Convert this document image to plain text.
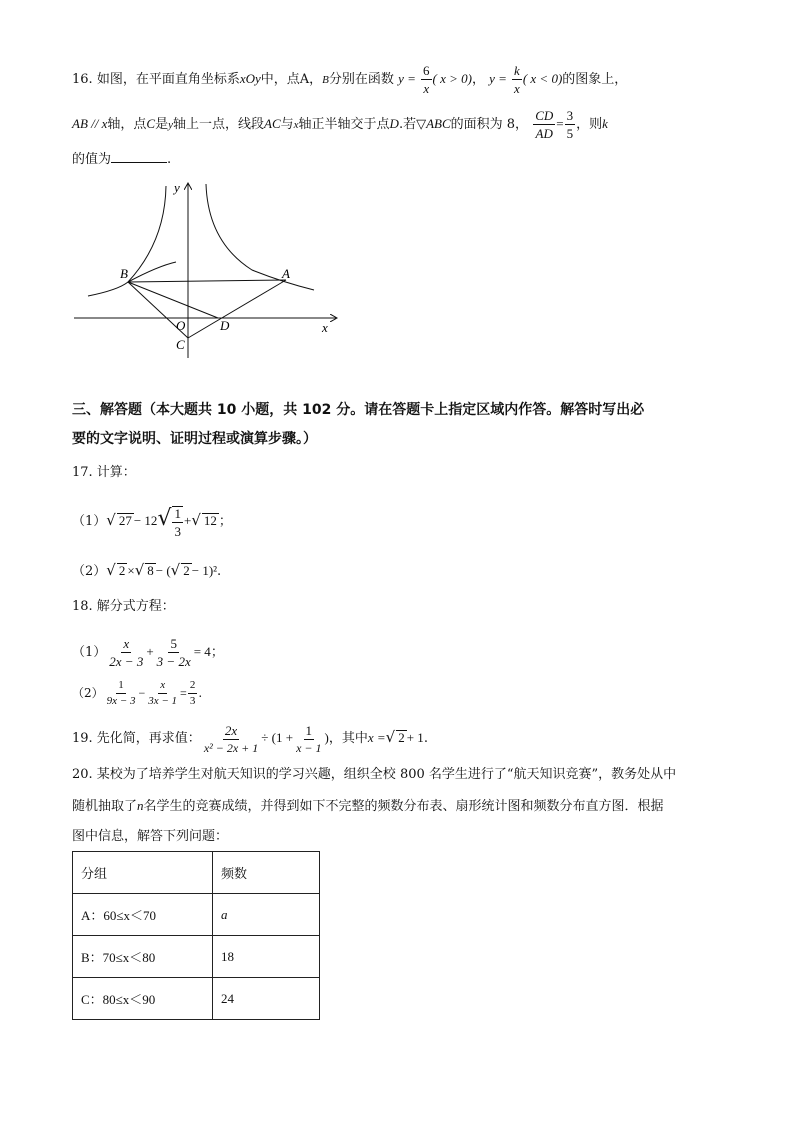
16. 如图，在平面直角坐标系xOy中，点A，B分别在函数 $y = \frac{6}{x}$ ( x > 0)， $y = \frac{k}{x}$ ( x < 0)的图象上，
AB // x轴，点C是y轴上一点，线段AC与x轴正半轴交于点D.若▽ABC的面积为 8， $\frac{CD}{AD} = \frac{3}{5}$ ，则k
的值为	.
y
x
B	A
O	D
C
三、解答题（本大题共 10 小题，共 102 分。请在答题卡上指定区域内作答。解答时写出必
要的文字说明、证明过程或演算步骤。）
17. 计算：
（1）√ $27 - 12√ \frac{1}{3}$ +√ 12 ；
（2）√ 2 ×√ 8 − (√ 2 − 1)².
18. 解分式方程：
$(1) \frac{x}{2x - 3} + \frac{5}{3 - 2x} = 4$；
$(2) \frac{1}{9x - 3} - \frac{x}{3x - 1} = \frac{2}{3}$ .
19. 先化简，再求值： $\frac{2x}{\text{x² − 2x + 1}} \div (1 + \frac{1}{x - 1}$ )，其中x =√ 2 + 1.
20. 某校为了培养学生对航天知识的学习兴趣，组织全校 800 名学生进行了“航天知识竞赛”，教务处从中
随机抽取了n名学生的竞赛成绩，并得到如下不完整的频数分布表、扇形统计图和频数分布直方图．根据
图中信息，解答下列问题：
分组	频数
A：60≤x＜70	a
B：70≤x＜80	18
C：80≤x＜90	24
